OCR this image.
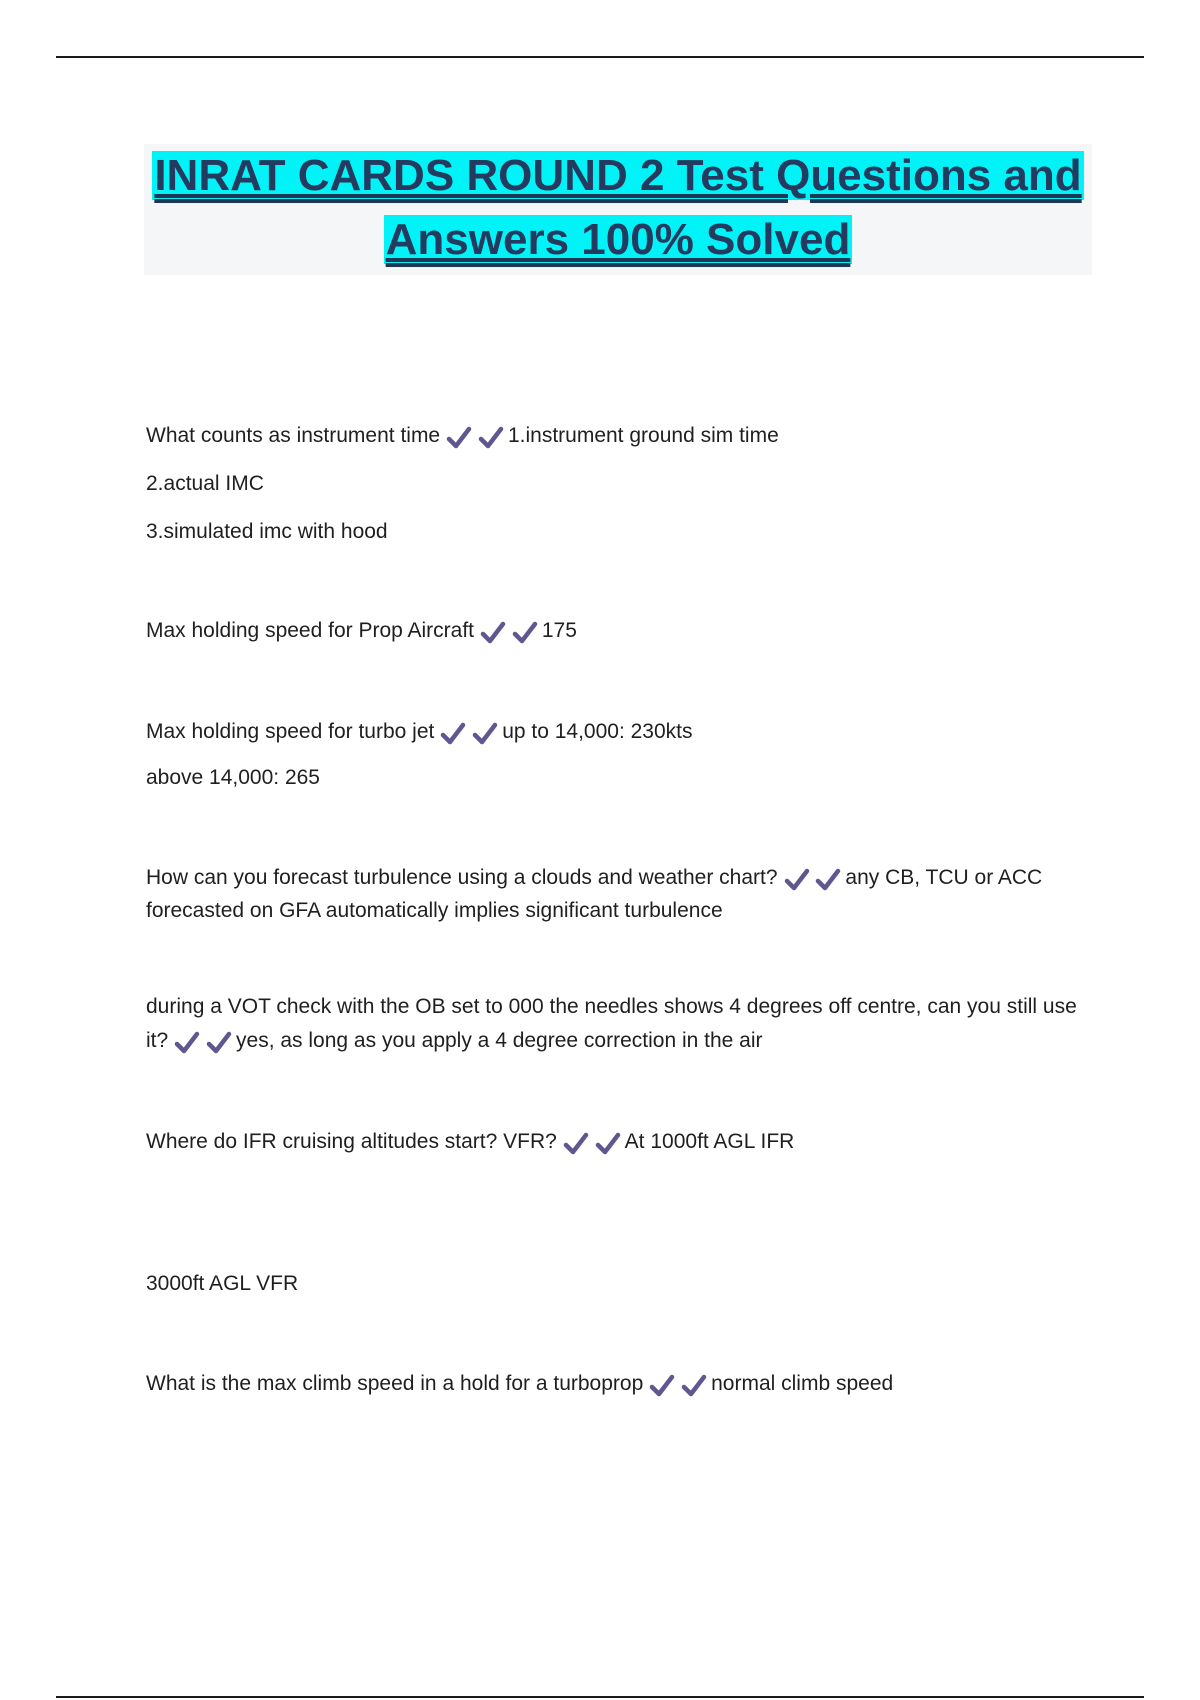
INRAT CARDS ROUND 2 Test Questions and
Answers 100% Solved

What counts as instrument time	1.instrument ground sim time

2.actual IMC

3.simulated imc with hood

Max holding speed for Prop Aircraft	175

Max holding speed for turbo jet	up to 14,000: 230kts

above 14,000: 265

How can you forecast turbulence using a clouds and weather chart?	any CB, TCU or ACC forecasted on GFA automatically implies significant turbulence

during a VOT check with the OB set to 000 the needles shows 4 degrees off centre, can you still use it?	yes, as long as you apply a 4 degree correction in the air

Where do IFR cruising altitudes start? VFR?	At 1000ft AGL IFR

3000ft AGL VFR

What is the max climb speed in a hold for a turboprop	normal climb speed
